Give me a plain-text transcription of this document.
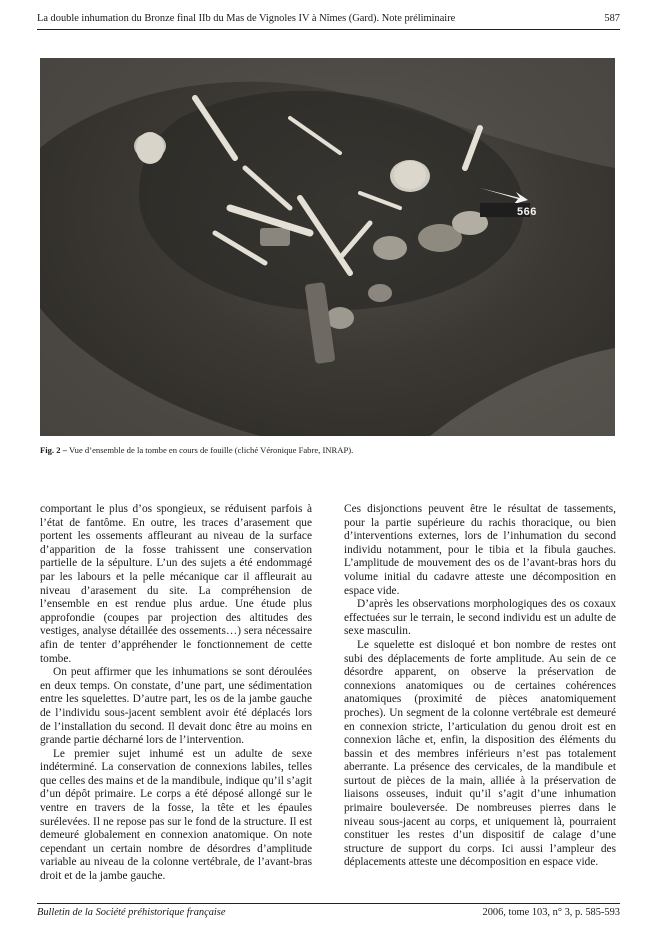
La double inhumation du Bronze final IIb du Mas de Vignoles IV à Nîmes (Gard). Note préliminaire	587
566
Fig. 2 – Vue d’ensemble de la tombe en cours de fouille (cliché Véronique Fabre, INRAP).

comportant le plus d’os spongieux, se réduisent parfois à l’état de fantôme. En outre, les traces d’arasement que portent les ossements affleurant au niveau de la surface d’apparition de la fosse trahissent une conservation partielle de la sépulture. L’un des sujets a été endommagé par les labours et la pelle mécanique car il affleurait au niveau d’arasement du site. La compréhension de l’ensemble en est rendue plus ardue. Une étude plus approfondie (coupes par projection des altitudes des vestiges, analyse détaillée des ossements…) sera nécessaire afin de tenter d’appréhender le fonctionnement de cette tombe.

On peut affirmer que les inhumations se sont déroulées en deux temps. On constate, d’une part, une sédimentation entre les squelettes. D’autre part, les os de la jambe gauche de l’individu sous-jacent semblent avoir été déplacés lors de l’installation du second. Il devait donc être au moins en grande partie décharné lors de l’intervention.

Le premier sujet inhumé est un adulte de sexe indéterminé. La conservation de connexions labiles, telles que celles des mains et de la mandibule, indique qu’il s’agit d’un dépôt primaire. Le corps a été déposé allongé sur le ventre en travers de la fosse, la tête et les épaules surélevées. Il ne repose pas sur le fond de la structure. Il est demeuré globalement en connexion anatomique. On note cependant un certain nombre de désordres d’amplitude variable au niveau de la colonne vertébrale, de l’avant-bras droit et de la jambe gauche.

Ces disjonctions peuvent être le résultat de tassements, pour la partie supérieure du rachis thoracique, ou bien d’interventions externes, lors de l’inhumation du second individu notamment, pour le tibia et la fibula gauches. L’amplitude de mouvement des os de l’avant-bras hors du volume initial du cadavre atteste une décomposition en espace vide.

D’après les observations morphologiques des os coxaux effectuées sur le terrain, le second individu est un adulte de sexe masculin.

Le squelette est disloqué et bon nombre de restes ont subi des déplacements de forte amplitude. Au sein de ce désordre apparent, on observe la préservation de connexions anatomiques ou de certaines cohérences anatomiques (proximité de pièces anatomiquement proches). Un segment de la colonne vertébrale est demeuré en connexion stricte, l’articulation du genou droit est en connexion lâche et, enfin, la disposition des éléments du bassin et des membres inférieurs n’est pas totalement aberrante. La présence des cervicales, de la mandibule et surtout de pièces de la main, alliée à la préservation de liaisons osseuses, induit qu’il s’agit d’une inhumation primaire bouleversée. De nombreuses pierres dans le niveau sous-jacent au corps, et uniquement là, pourraient constituer les restes d’un dispositif de calage d’une structure de support du corps. Ici aussi l’ampleur des déplacements atteste une décomposition en espace vide.

Bulletin de la Société préhistorique française	2006, tome 103, n° 3, p. 585-593
